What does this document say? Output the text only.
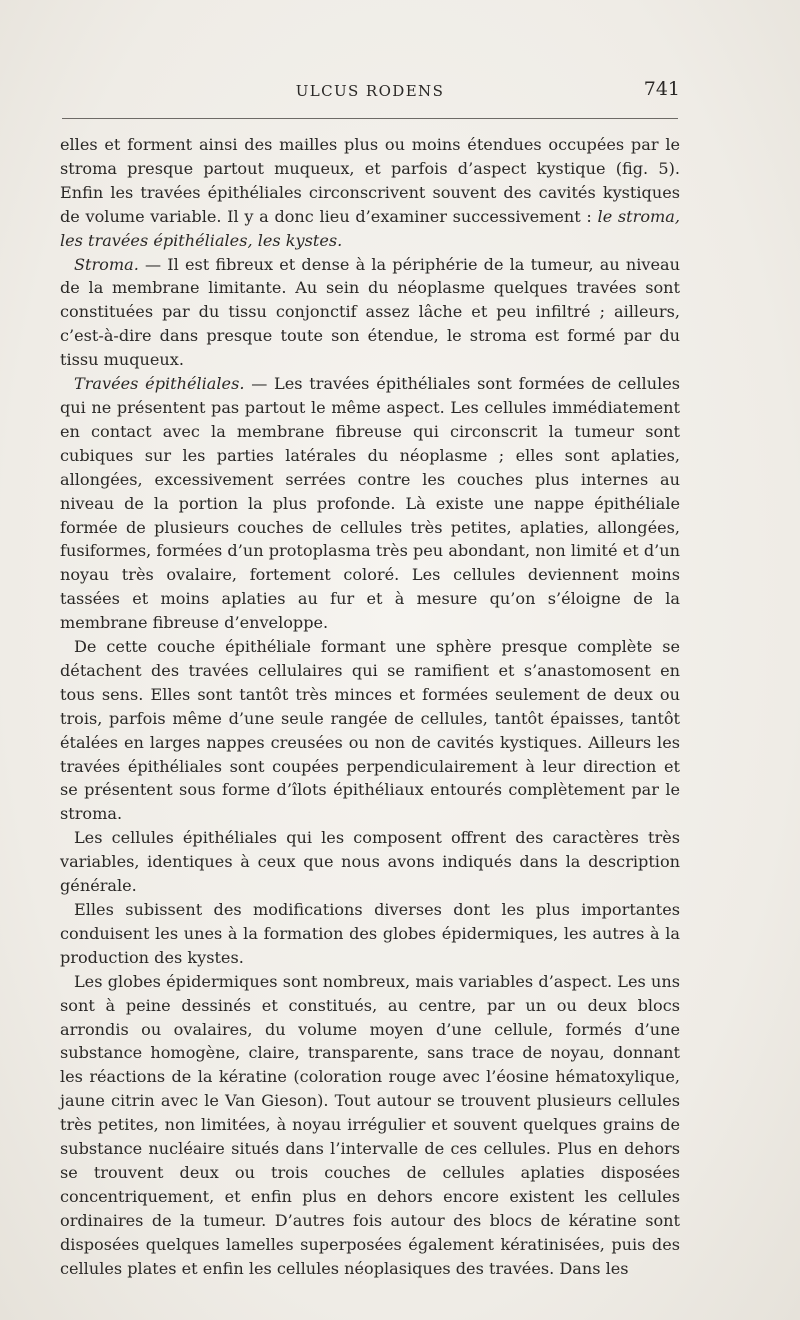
ULCUS RODENS	741

elles et forment ainsi des mailles plus ou moins étendues occupées par le stroma presque partout muqueux, et parfois d’aspect kystique (fig. 5). Enfin les travées épithéliales circonscrivent souvent des cavités kystiques de volume variable. Il y a donc lieu d’examiner successivement : le stroma, les travées épithéliales, les kystes.

Stroma. — Il est fibreux et dense à la périphérie de la tumeur, au niveau de la membrane limitante. Au sein du néoplasme quelques travées sont constituées par du tissu conjonctif assez lâche et peu infiltré ; ailleurs, c’est-à-dire dans presque toute son étendue, le stroma est formé par du tissu muqueux.

Travées épithéliales. — Les travées épithéliales sont formées de cellules qui ne présentent pas partout le même aspect. Les cellules immédiatement en contact avec la membrane fibreuse qui circonscrit la tumeur sont cubiques sur les parties latérales du néoplasme ; elles sont aplaties, allongées, excessivement serrées contre les couches plus internes au niveau de la portion la plus profonde. Là existe une nappe épithéliale formée de plusieurs couches de cellules très petites, aplaties, allongées, fusiformes, formées d’un protoplasma très peu abondant, non limité et d’un noyau très ovalaire, fortement coloré. Les cellules deviennent moins tassées et moins aplaties au fur et à mesure qu’on s’éloigne de la membrane fibreuse d’enveloppe.

De cette couche épithéliale formant une sphère presque complète se détachent des travées cellulaires qui se ramifient et s’anastomosent en tous sens. Elles sont tantôt très minces et formées seulement de deux ou trois, parfois même d’une seule rangée de cellules, tantôt épaisses, tantôt étalées en larges nappes creusées ou non de cavités kystiques. Ailleurs les travées épithéliales sont coupées perpendiculairement à leur direction et se présentent sous forme d’îlots épithéliaux entourés complètement par le stroma.

Les cellules épithéliales qui les composent offrent des caractères très variables, identiques à ceux que nous avons indiqués dans la description générale.

Elles subissent des modifications diverses dont les plus importantes conduisent les unes à la formation des globes épidermiques, les autres à la production des kystes.

Les globes épidermiques sont nombreux, mais variables d’aspect. Les uns sont à peine dessinés et constitués, au centre, par un ou deux blocs arrondis ou ovalaires, du volume moyen d’une cellule, formés d’une substance homogène, claire, transparente, sans trace de noyau, donnant les réactions de la kératine (coloration rouge avec l’éosine hématoxylique, jaune citrin avec le Van Gieson). Tout autour se trouvent plusieurs cellules très petites, non limitées, à noyau irrégulier et souvent quelques grains de substance nucléaire situés dans l’intervalle de ces cellules. Plus en dehors se trouvent deux ou trois couches de cellules aplaties disposées concentriquement, et enfin plus en dehors encore existent les cellules ordinaires de la tumeur. D’autres fois autour des blocs de kératine sont disposées quelques lamelles superposées également kératinisées, puis des cellules plates et enfin les cellules néoplasiques des travées. Dans les
